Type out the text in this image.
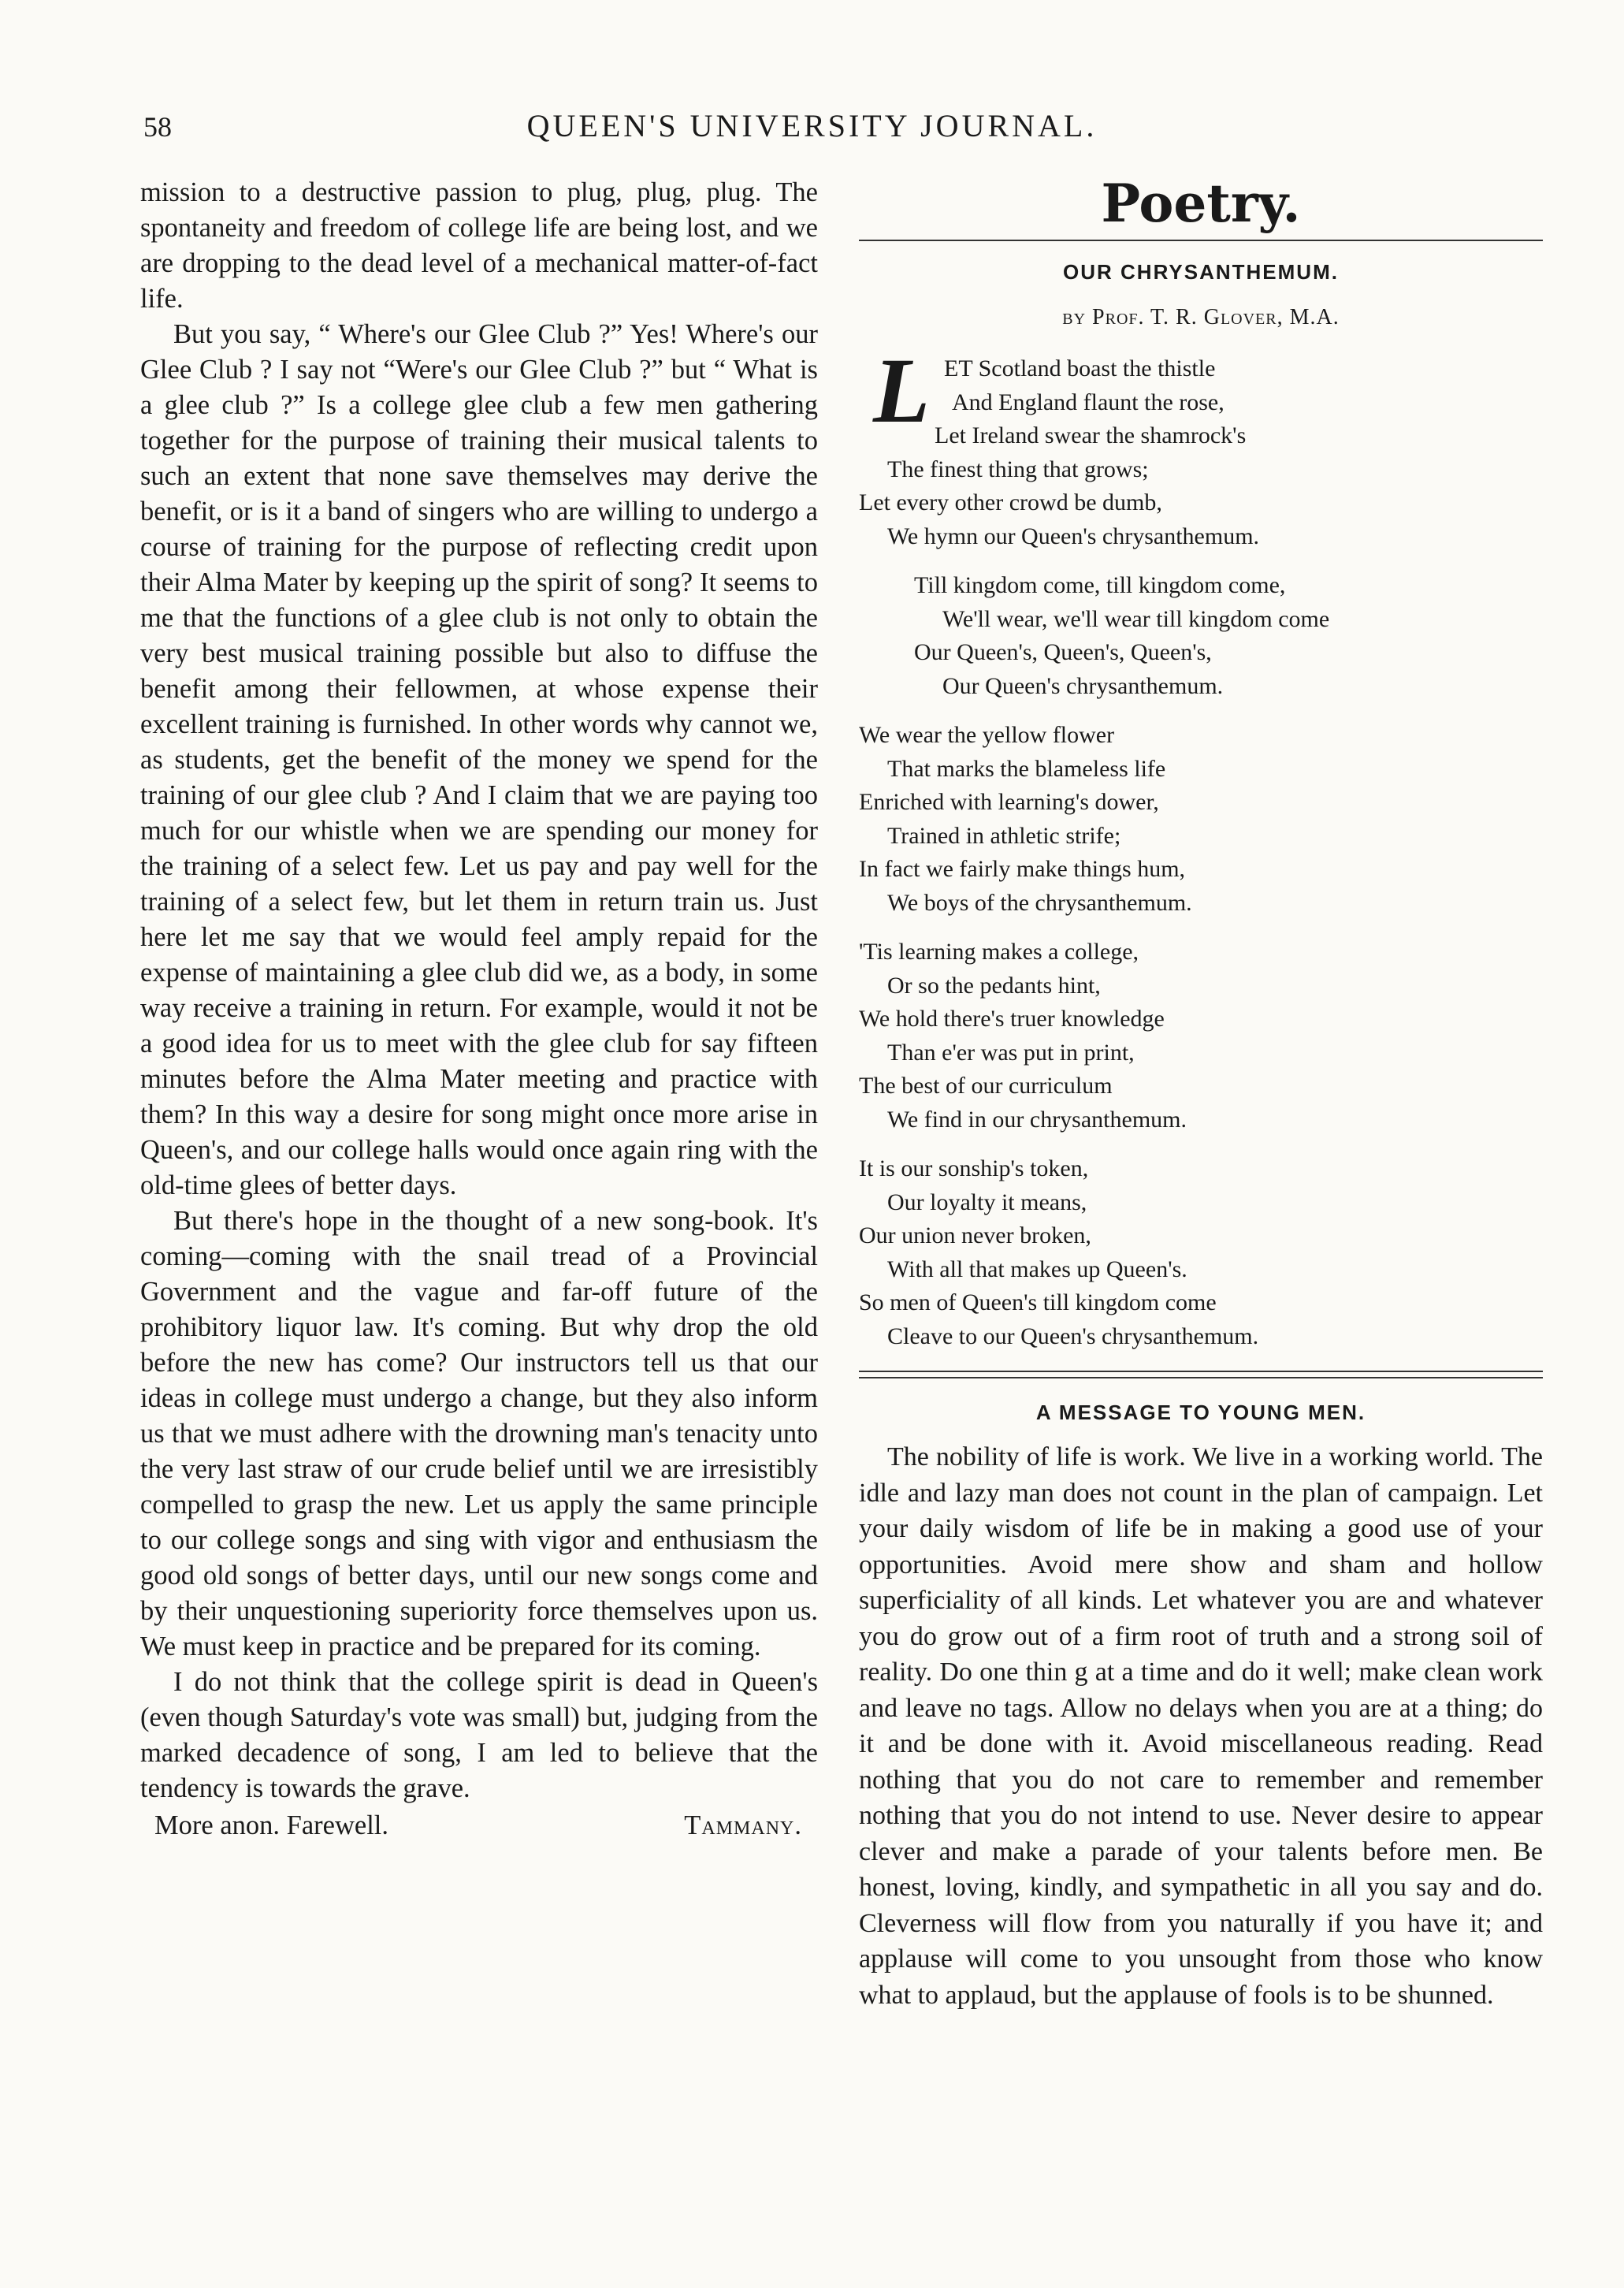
58	QUEEN'S UNIVERSITY JOURNAL.

mission to a destructive passion to plug, plug, plug. The spontaneity and freedom of college life are being lost, and we are dropping to the dead level of a mechanical matter-of-fact life.

But you say, “ Where's our Glee Club ?” Yes! Where's our Glee Club ? I say not “Were's our Glee Club ?” but “ What is a glee club ?” Is a college glee club a few men gathering together for the purpose of training their musical talents to such an extent that none save themselves may derive the benefit, or is it a band of singers who are willing to undergo a course of training for the purpose of reflecting credit upon their Alma Mater by keeping up the spirit of song? It seems to me that the functions of a glee club is not only to obtain the very best musical training possible but also to diffuse the benefit among their fellowmen, at whose expense their excellent training is furnished. In other words why cannot we, as students, get the benefit of the money we spend for the training of our glee club ? And I claim that we are paying too much for our whistle when we are spending our money for the training of a select few. Let us pay and pay well for the training of a select few, but let them in return train us. Just here let me say that we would feel amply repaid for the expense of maintaining a glee club did we, as a body, in some way receive a training in return. For example, would it not be a good idea for us to meet with the glee club for say fifteen minutes before the Alma Mater meeting and practice with them? In this way a desire for song might once more arise in Queen's, and our college halls would once again ring with the old-time glees of better days.

But there's hope in the thought of a new song-book. It's coming—coming with the snail tread of a Provincial Government and the vague and far-off future of the prohibitory liquor law. It's coming. But why drop the old before the new has come? Our instructors tell us that our ideas in college must undergo a change, but they also inform us that we must adhere with the drowning man's tenacity unto the very last straw of our crude belief until we are irresistibly compelled to grasp the new. Let us apply the same principle to our college songs and sing with vigor and enthusiasm the good old songs of better days, until our new songs come and by their unquestioning superiority force themselves upon us. We must keep in practice and be prepared for its coming.

I do not think that the college spirit is dead in Queen's (even though Saturday's vote was small) but, judging from the marked decadence of song, I am led to believe that the tendency is towards the grave.

More anon. Farewell.	Tammany.
Poetry.
OUR CHRYSANTHEMUM.
by Prof. T. R. Glover, M.A.
L ET Scotland boast the thistle
And England flaunt the rose,
Let Ireland swear the shamrock's
The finest thing that grows;
Let every other crowd be dumb,
We hymn our Queen's chrysanthemum.
Till kingdom come, till kingdom come,
We'll wear, we'll wear till kingdom come
Our Queen's, Queen's, Queen's,
Our Queen's chrysanthemum.
We wear the yellow flower
That marks the blameless life
Enriched with learning's dower,
Trained in athletic strife;
In fact we fairly make things hum,
We boys of the chrysanthemum.
'Tis learning makes a college,
Or so the pedants hint,
We hold there's truer knowledge
Than e'er was put in print,
The best of our curriculum
We find in our chrysanthemum.
It is our sonship's token,
Our loyalty it means,
Our union never broken,
With all that makes up Queen's.
So men of Queen's till kingdom come
Cleave to our Queen's chrysanthemum.
A MESSAGE TO YOUNG MEN.
The nobility of life is work. We live in a working world. The idle and lazy man does not count in the plan of campaign. Let your daily wisdom of life be in making a good use of your opportunities. Avoid mere show and sham and hollow superficiality of all kinds. Let whatever you are and whatever you do grow out of a firm root of truth and a strong soil of reality. Do one thin g at a time and do it well; make clean work and leave no tags. Allow no delays when you are at a thing; do it and be done with it. Avoid miscellaneous reading. Read nothing that you do not care to remember and remember nothing that you do not intend to use. Never desire to appear clever and make a parade of your talents before men. Be honest, loving, kindly, and sympathetic in all you say and do. Cleverness will flow from you naturally if you have it; and applause will come to you unsought from those who know what to applaud, but the applause of fools is to be shunned.
